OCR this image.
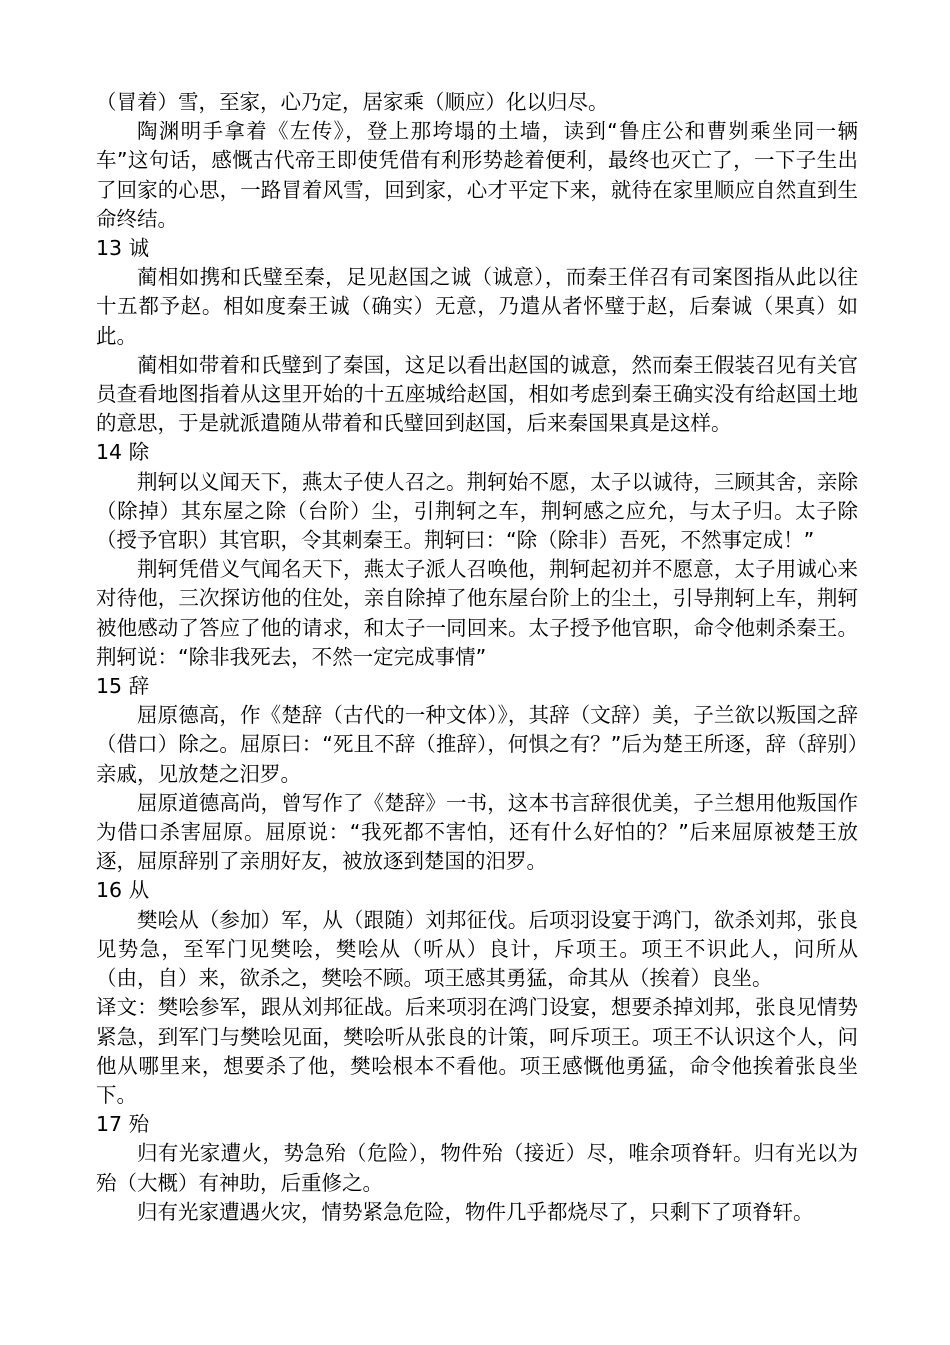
（冒着）雪，至家，心乃定，居家乘（顺应）化以归尽。

陶渊明手拿着《左传》，登上那垮塌的土墙，读到“鲁庄公和曹刿乘坐同一辆车”这句话，感慨古代帝王即使凭借有利形势趁着便利，最终也灭亡了，一下子生出了回家的心思，一路冒着风雪，回到家，心才平定下来，就待在家里顺应自然直到生命终结。

13 诚

蔺相如携和氏璧至秦，足见赵国之诚（诚意），而秦王佯召有司案图指从此以往十五都予赵。相如度秦王诚（确实）无意，乃遣从者怀璧于赵，后秦诚（果真）如此。

蔺相如带着和氏璧到了秦国，这足以看出赵国的诚意，然而秦王假装召见有关官员查看地图指着从这里开始的十五座城给赵国，相如考虑到秦王确实没有给赵国土地的意思，于是就派遣随从带着和氏璧回到赵国，后来秦国果真是这样。

14 除

荆轲以义闻天下，燕太子使人召之。荆轲始不愿，太子以诚待，三顾其舍，亲除（除掉）其东屋之除（台阶）尘，引荆轲之车，荆轲感之应允，与太子归。太子除（授予官职）其官职，令其刺秦王。荆轲曰：“除（除非）吾死，不然事定成！”

荆轲凭借义气闻名天下，燕太子派人召唤他，荆轲起初并不愿意，太子用诚心来对待他，三次探访他的住处，亲自除掉了他东屋台阶上的尘土，引导荆轲上车，荆轲被他感动了答应了他的请求，和太子一同回来。太子授予他官职，命令他刺杀秦王。荆轲说：“除非我死去，不然一定完成事情”

15 辞

屈原德高，作《楚辞（古代的一种文体）》，其辞（文辞）美，子兰欲以叛国之辞（借口）除之。屈原曰：“死且不辞（推辞），何惧之有？”后为楚王所逐，辞（辞别）亲戚，见放楚之汨罗。

屈原道德高尚，曾写作了《楚辞》一书，这本书言辞很优美，子兰想用他叛国作为借口杀害屈原。屈原说：“我死都不害怕，还有什么好怕的？”后来屈原被楚王放逐，屈原辞别了亲朋好友，被放逐到楚国的汨罗。

16 从

樊哙从（参加）军，从（跟随）刘邦征伐。后项羽设宴于鸿门，欲杀刘邦，张良见势急，至军门见樊哙，樊哙从（听从）良计，斥项王。项王不识此人，问所从（由，自）来，欲杀之，樊哙不顾。项王感其勇猛，命其从（挨着）良坐。

译文：樊哙参军，跟从刘邦征战。后来项羽在鸿门设宴，想要杀掉刘邦，张良见情势紧急，到军门与樊哙见面，樊哙听从张良的计策，呵斥项王。项王不认识这个人，问他从哪里来，想要杀了他，樊哙根本不看他。项王感慨他勇猛，命令他挨着张良坐下。

17 殆

归有光家遭火，势急殆（危险），物件殆（接近）尽，唯余项脊轩。归有光以为殆（大概）有神助，后重修之。

归有光家遭遇火灾，情势紧急危险，物件几乎都烧尽了，只剩下了项脊轩。
